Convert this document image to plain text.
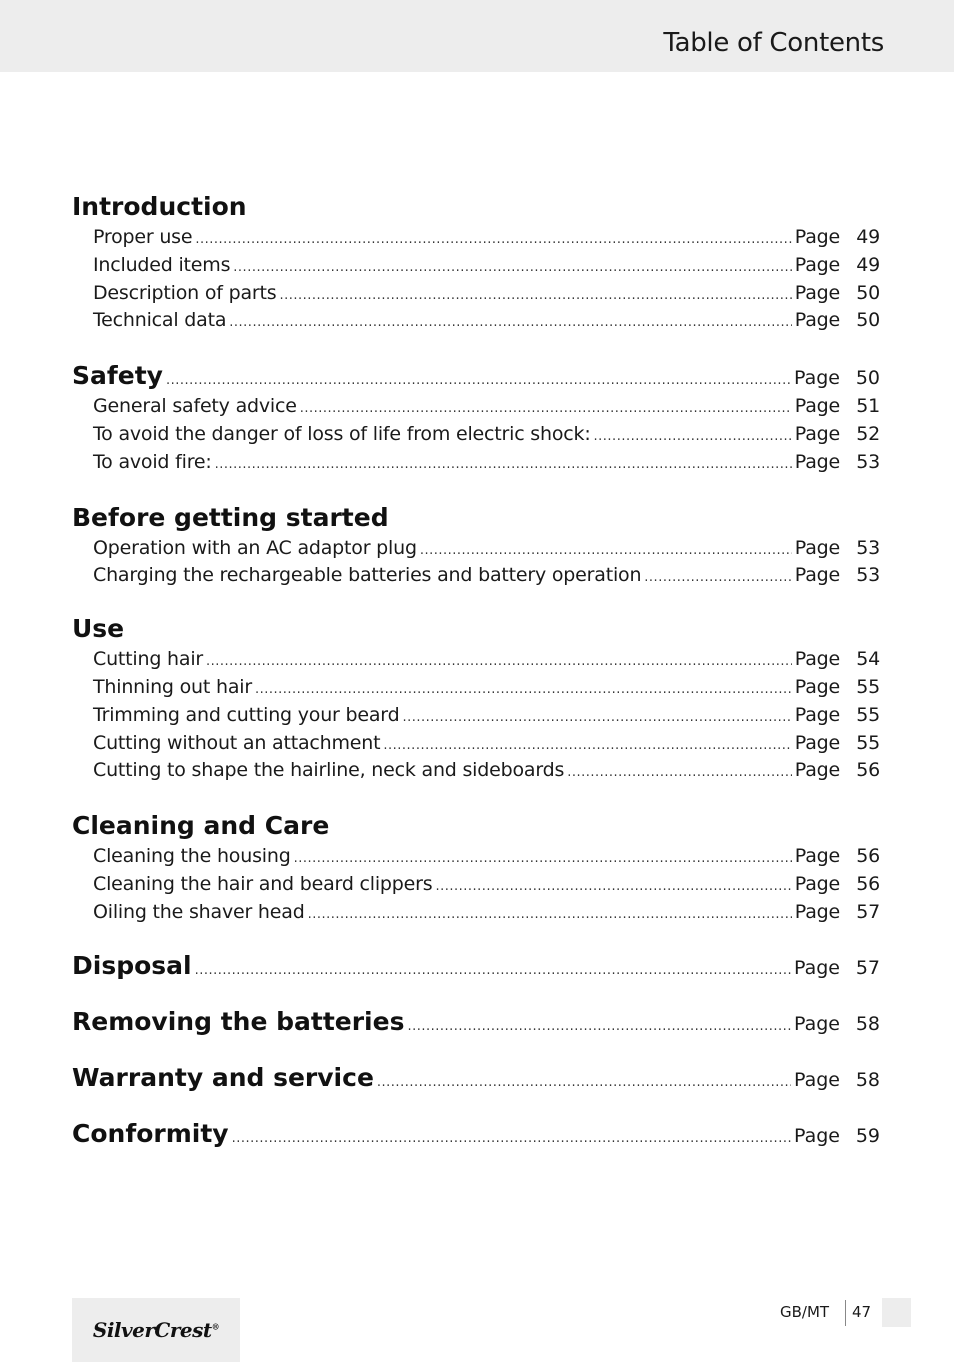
Table of Contents
Introduction
Proper use .....	Page 49
Included items .....	Page 49
Description of parts .....	Page 50
Technical data .....	Page 50
Safety .....	Page 50
General safety advice .....	Page 51
To avoid the danger of loss of life from electric shock: .....	Page 52
To avoid fire: .....	Page 53
Before getting started
Operation with an AC adaptor plug .....	Page 53
Charging the rechargeable batteries and battery operation .....	Page 53
Use
Cutting hair .....	Page 54
Thinning out hair .....	Page 55
Trimming and cutting your beard .....	Page 55
Cutting without an attachment .....	Page 55
Cutting to shape the hairline, neck and sideboards .....	Page 56
Cleaning and Care
Cleaning the housing .....	Page 56
Cleaning the hair and beard clippers .....	Page 56
Oiling the shaver head .....	Page 57
Disposal .....	Page 57
Removing the batteries .....	Page 58
Warranty and service .....	Page 58
Conformity .....	Page 59
SilverCrest®
GB/MT 47
